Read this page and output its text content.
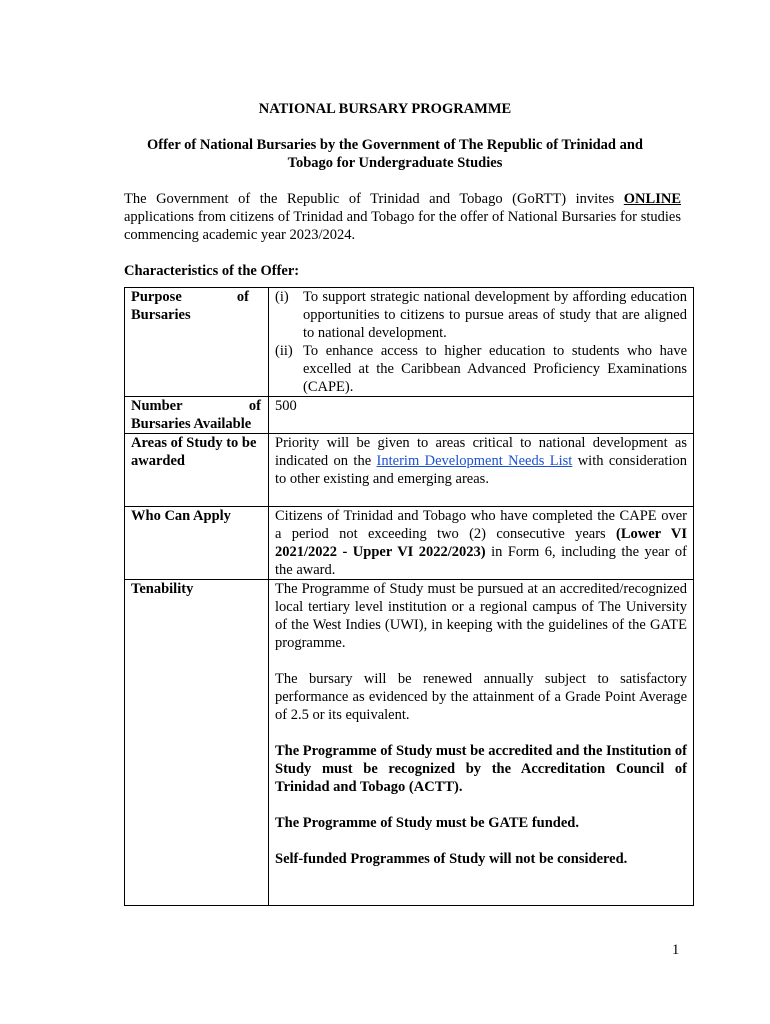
NATIONAL BURSARY PROGRAMME
Offer of National Bursaries by the Government of The Republic of Trinidad and Tobago for Undergraduate Studies
The Government of the Republic of Trinidad and Tobago (GoRTT) invites ONLINE applications from citizens of Trinidad and Tobago for the offer of National Bursaries for studies commencing academic year 2023/2024.
Characteristics of the Offer:
Purpose of Bursaries	(i) To support strategic national development by affording education opportunities to citizens to pursue areas of study that are aligned to national development.
(ii) To enhance access to higher education to students who have excelled at the Caribbean Advanced Proficiency Examinations (CAPE).

Number of Bursaries Available	500
Areas of Study to be awarded	Priority will be given to areas critical to national development as indicated on the Interim Development Needs List with consideration to other existing and emerging areas.
Who Can Apply	Citizens of Trinidad and Tobago who have completed the CAPE over a period not exceeding two (2) consecutive years (Lower VI 2021/2022 - Upper VI 2022/2023) in Form 6, including the year of the award.
Tenability	The Programme of Study must be pursued at an accredited/recognized local tertiary level institution or a regional campus of The University of the West Indies (UWI), in keeping with the guidelines of the GATE programme.
The bursary will be renewed annually subject to satisfactory performance as evidenced by the attainment of a Grade Point Average of 2.5 or its equivalent.
The Programme of Study must be accredited and the Institution of Study must be recognized by the Accreditation Council of Trinidad and Tobago (ACTT).
The Programme of Study must be GATE funded.
Self-funded Programmes of Study will not be considered.
1
